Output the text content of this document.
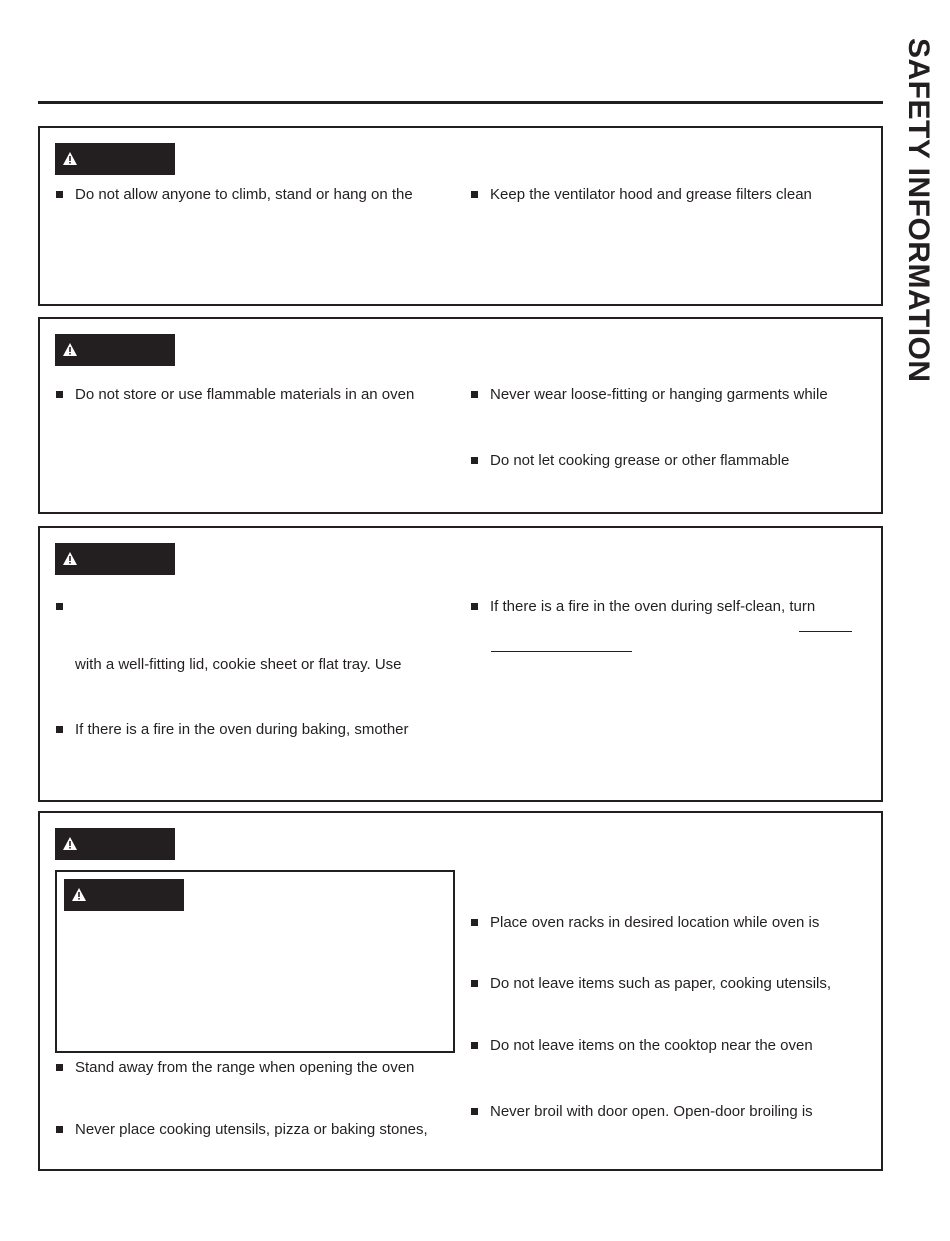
SAFETY INFORMATION
Do not allow anyone to climb, stand or hang on the	Keep the ventilator hood and grease filters clean
Do not store or use flammable materials in an oven	Never wear loose-fitting or hanging garments while
Do not let cooking grease or other flammable
with a well-fitting lid, cookie sheet or flat tray. Use
If there is a fire in the oven during baking, smother
If there is a fire in the oven during self-clean, turn
Stand away from the range when opening the oven
Never place cooking utensils, pizza or baking stones,
Place oven racks in desired location while oven is
Do not leave items such as paper, cooking utensils,
Do not leave items on the cooktop near the oven
Never broil with door open. Open-door broiling is
